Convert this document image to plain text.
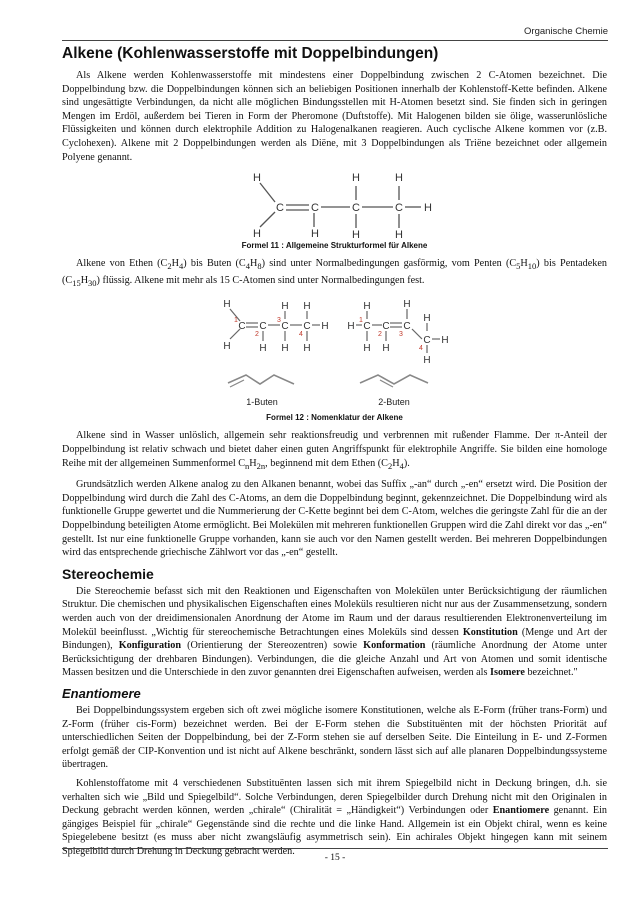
Organische Chemie
Alkene (Kohlenwasserstoffe mit Doppelbindungen)

Als Alkene werden Kohlenwasserstoffe mit mindestens einer Doppelbindung zwischen 2 C-Atomen bezeichnet. Die Doppelbindung bzw. die Doppelbindungen können sich an beliebigen Positionen innerhalb der Kohlenstoff-Kette befinden. Alkene sind ungesättigte Verbindungen, da nicht alle möglichen Bindungsstellen mit H-Atomen besetzt sind. Sie finden sich in geringen Mengen im Erdöl, außerdem bei Tieren in Form der Pheromone (Duftstoffe). Mit Halogenen bilden sie ölige, wasserunlösliche Flüssigkeiten und können durch elektrophile Addition zu Halogenalkanen reagieren. Auch cyclische Alkene kommen vor (z.B. Cyclohexen). Alkene mit 2 Doppelbindungen werden als Diëne, mit 3 Doppelbindungen als Triëne bezeichnet oder allgemein Polyene genannt.

H
H
C C
H
H
C
H
H
C
H
H
Formel 11 : Allgemeine Strukturformel für Alkene

Alkene von Ethen $(C_2H_4)$ bis Buten $(C_4H_8)$ sind unter Normalbedingungen gasförmig, vom Penten $(C_5H_{10})$ bis Pentadeken $(C_{15}H_{30})$ flüssig. Alkene mit mehr als 15 C-Atomen sind unter Normalbedingungen fest.

H
H
C C
H
H
C
H
H
C
H
H
1
2
3
4
H
H
C
H
C
H
C
H
C
H
H
H
1
2 3
4
1-Buten	2-Buten
Formel 12 : Nomenklatur der Alkene

Alkene sind in Wasser unlöslich, allgemein sehr reaktionsfreudig und verbrennen mit rußender Flamme. Der π-Anteil der Doppelbindung ist relativ schwach und bietet daher einen guten Angriffspunkt für elektrophile Angriffe. Sie bilden eine homologe Reihe mit der allgemeinen Summenformel $C_nH_{2n}$, beginnend mit dem Ethen $(C_2H_4)$.

Grundsätzlich werden Alkene analog zu den Alkanen benannt, wobei das Suffix „-an“ durch „-en“ ersetzt wird. Die Position der Doppelbindung wird durch die Zahl des C-Atoms, an dem die Doppelbindung beginnt, gekennzeichnet. Die Doppelbindung wird als funktionelle Gruppe gewertet und die Nummerierung der C-Kette beginnt bei dem C-Atom, welches die geringste Zahl für die an der Doppelbindung beteiligten Atome ermöglicht. Bei Molekülen mit mehreren funktionellen Gruppen wird die Zahl direkt vor das „-en“ gestellt. Ist nur eine funktionelle Gruppe vorhanden, kann sie auch vor den Namen gestellt werden. Bei mehreren Doppelbindungen wird das entsprechende griechische Zählwort vor das „-en“ gestellt.

Stereochemie

Die Stereochemie befasst sich mit den Reaktionen und Eigenschaften von Molekülen unter Berücksichtigung der räumlichen Struktur. Die chemischen und physikalischen Eigenschaften eines Moleküls resultieren nicht nur aus der Zusammensetzung, sondern werden auch von der dreidimensionalen Anordnung der Atome im Raum und der daraus resultierenden Elektronenverteilung im Molekül beeinflusst. „Wichtig für stereochemische Betrachtungen eines Moleküls sind dessen Konstitution (Menge und Art der Bindungen), Konfiguration (Orientierung der Stereozentren) sowie Konformation (räumliche Anordnung der Atome unter Berücksichtigung der drehbaren Bindungen). Verbindungen, die die gleiche Anzahl und Art von Atomen und somit identische Massen besitzen und die Unterschiede in den zuvor genannten drei Eigenschaften aufweisen, werden als Isomere bezeichnet."

Enantiomere

Bei Doppelbindungssystem ergeben sich oft zwei mögliche isomere Konstitutionen, welche als E-Form (früher trans-Form) und Z-Form (früher cis-Form) bezeichnet werden. Bei der E-Form stehen die Substituënten mit der höchsten Priorität auf unterschiedlichen Seiten der Doppelbindung, bei der Z-Form stehen sie auf derselben Seite. Die Einteilung in E- und Z-Formen erfolgt gemäß der CIP-Konvention und ist nicht auf Alkene beschränkt, sondern lässt sich auf alle planaren Doppelbindungssysteme übertragen.

Kohlenstoffatome mit 4 verschiedenen Substituënten lassen sich mit ihrem Spiegelbild nicht in Deckung bringen, d.h. sie verhalten sich wie „Bild und Spiegelbild“. Solche Verbindungen, deren Spiegelbilder durch Drehung nicht mit den Originalen in Deckung gebracht werden können, werden „chirale“ (Chiralität = „Händigkeit“) Verbindungen oder Enantiomere genannt. Ein gängiges Beispiel für „chirale“ Gegenstände sind die rechte und die linke Hand. Allgemein ist ein Objekt chiral, wenn es keine Spiegelebene besitzt (es muss aber nicht zwangsläufig asymmetrisch sein). Ein achirales Objekt hingegen kann mit seinem Spiegelbild durch Drehung in Deckung gebracht werden.

- 15 -
